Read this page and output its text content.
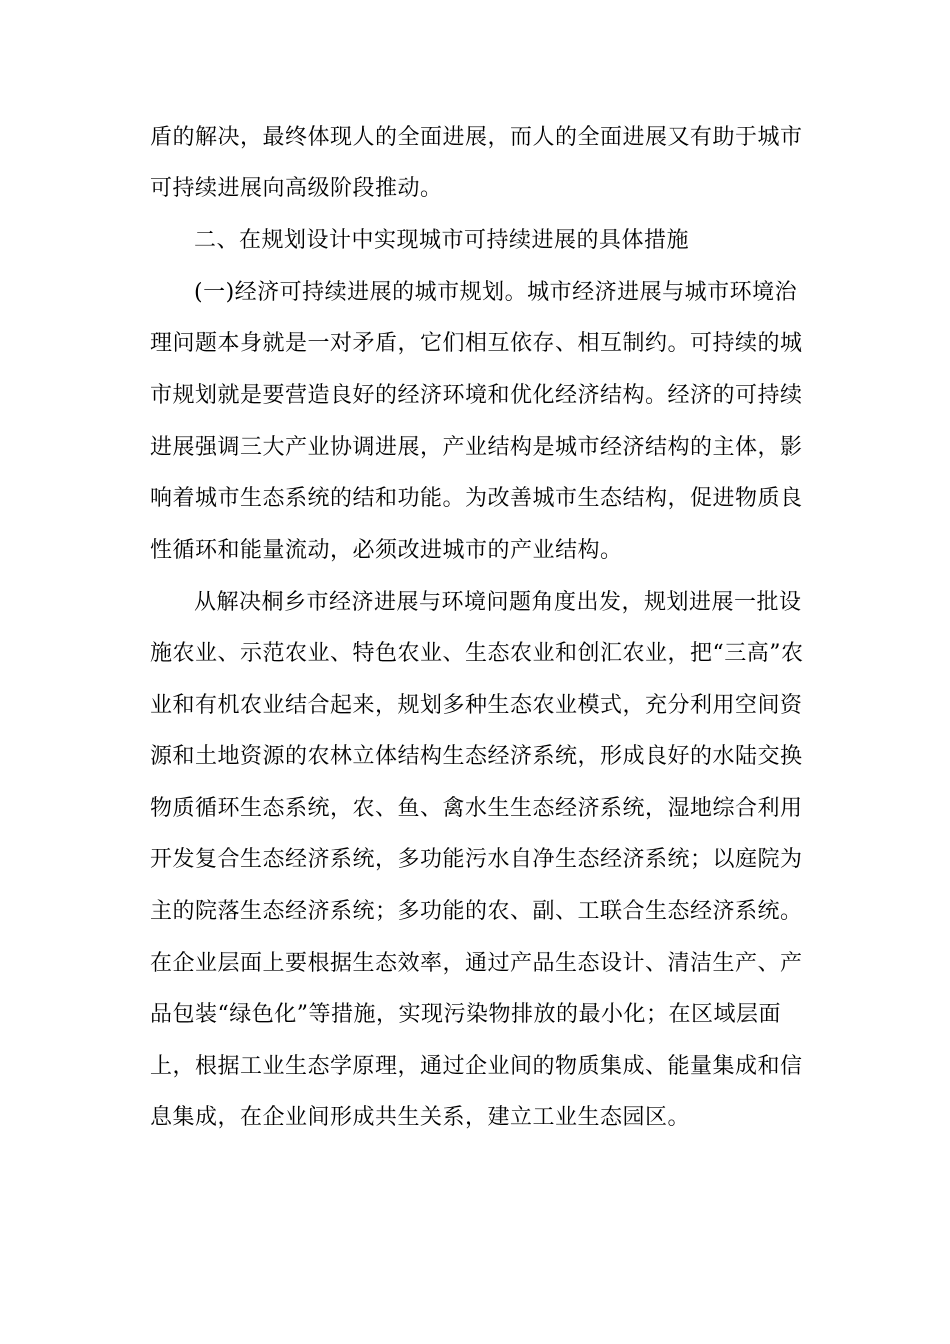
盾的解决，最终体现人的全面进展，而人的全面进展又有助于城市
可持续进展向高级阶段推动。
二、在规划设计中实现城市可持续进展的具体措施
(一)经济可持续进展的城市规划。城市经济进展与城市环境治
理问题本身就是一对矛盾，它们相互依存、相互制约。可持续的城
市规划就是要营造良好的经济环境和优化经济结构。经济的可持续
进展强调三大产业协调进展，产业结构是城市经济结构的主体，影
响着城市生态系统的结和功能。为改善城市生态结构，促进物质良
性循环和能量流动，必须改进城市的产业结构。
从解决桐乡市经济进展与环境问题角度出发，规划进展一批设
施农业、示范农业、特色农业、生态农业和创汇农业，把“三高”农
业和有机农业结合起来，规划多种生态农业模式，充分利用空间资
源和土地资源的农林立体结构生态经济系统，形成良好的水陆交换
物质循环生态系统，农、鱼、禽水生生态经济系统，湿地综合利用
开发复合生态经济系统，多功能污水自净生态经济系统；以庭院为
主的院落生态经济系统；多功能的农、副、工联合生态经济系统。
在企业层面上要根据生态效率，通过产品生态设计、清洁生产、产
品包装“绿色化”等措施，实现污染物排放的最小化；在区域层面
上，根据工业生态学原理，通过企业间的物质集成、能量集成和信
息集成，在企业间形成共生关系，建立工业生态园区。
